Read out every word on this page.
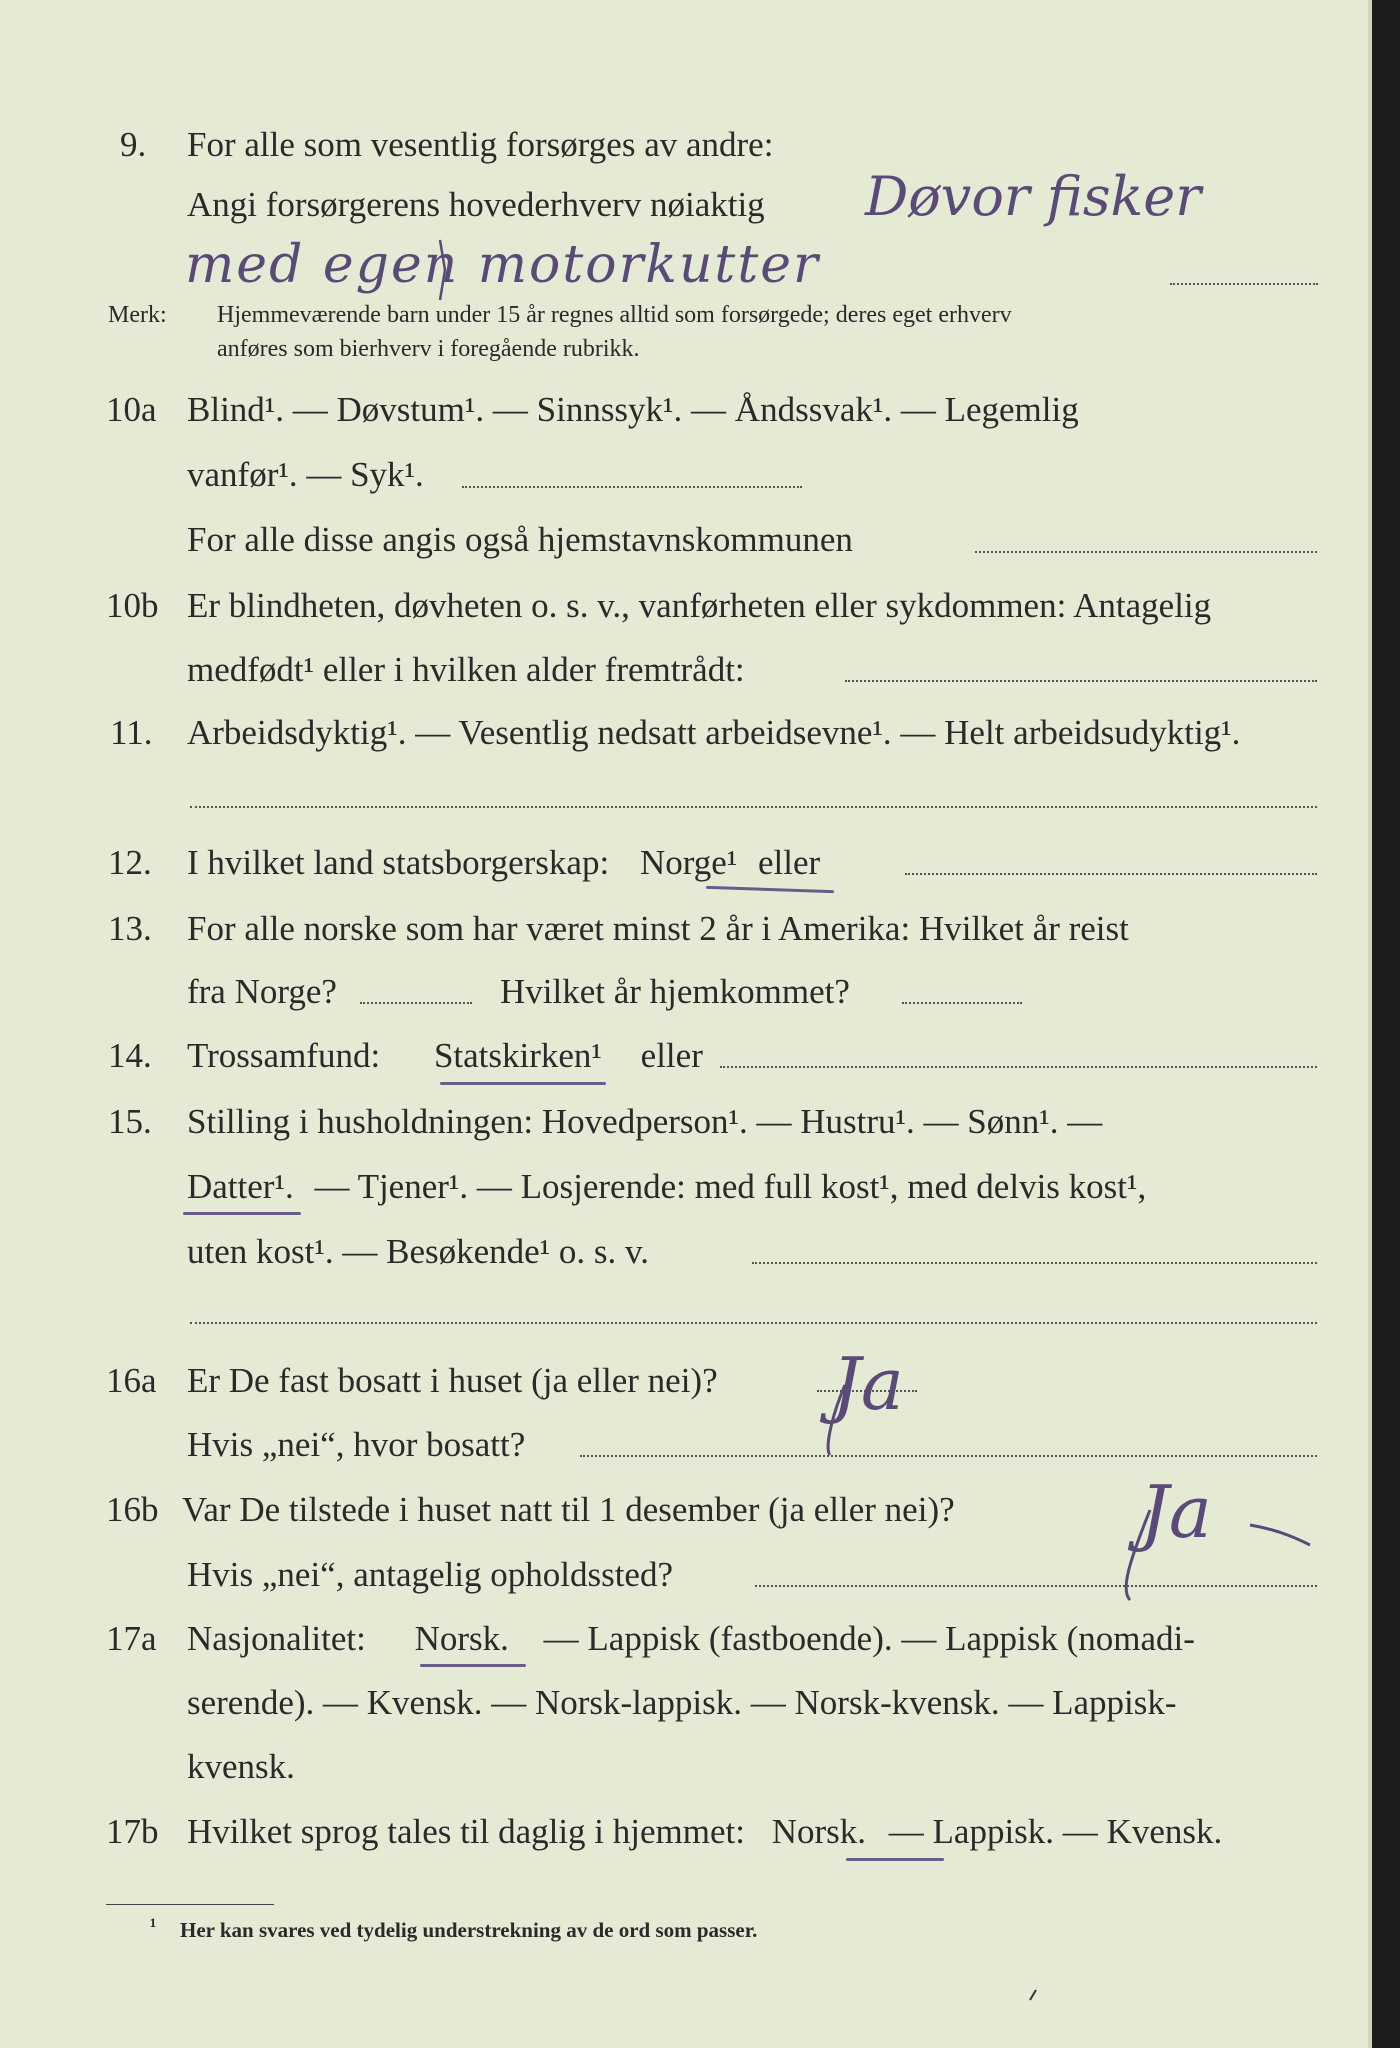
9. For alle som vesentlig forsørges av andre:
Angi forsørgerens hovederhverv nøiaktig Døvor fisker
med egen motorkutter
Merk: Hjemmeværende barn under 15 år regnes alltid som forsørgede; deres eget erhverv
anføres som bierhverv i foregående rubrikk.
10a Blind¹. — Døvstum¹. — Sinnssyk¹. — Åndssvak¹. — Legemlig
vanfør¹. — Syk¹.
For alle disse angis også hjemstavnskommunen
10b Er blindheten, døvheten o. s. v., vanførheten eller sykdommen: Antagelig
medfødt¹ eller i hvilken alder fremtrådt:
11. Arbeidsdyktig¹. — Vesentlig nedsatt arbeidsevne¹. — Helt arbeidsudyktig¹.
12. I hvilket land statsborgerskap: Norge¹ eller
13. For alle norske som har været minst 2 år i Amerika: Hvilket år reist
fra Norge?	Hvilket år hjemkommet?
14. Trossamfund: Statskirken¹ eller
15. Stilling i husholdningen: Hovedperson¹. — Hustru¹. — Sønn¹. —
Datter¹. — Tjener¹. — Losjerende: med full kost¹, med delvis kost¹,
uten kost¹. — Besøkende¹ o. s. v.
16a Er De fast bosatt i huset (ja eller nei)? Ja
Hvis „nei“, hvor bosatt?
16b Var De tilstede i huset natt til 1 desember (ja eller nei)?	Ja
Hvis „nei“, antagelig opholdssted?
17a Nasjonalitet: Norsk. — Lappisk (fastboende). — Lappisk (nomadi-
serende). — Kvensk. — Norsk-lappisk. — Norsk-kvensk. — Lappisk-
kvensk.
17b Hvilket sprog tales til daglig i hjemmet: Norsk. — Lappisk. — Kvensk.
¹ Her kan svares ved tydelig understrekning av de ord som passer.
